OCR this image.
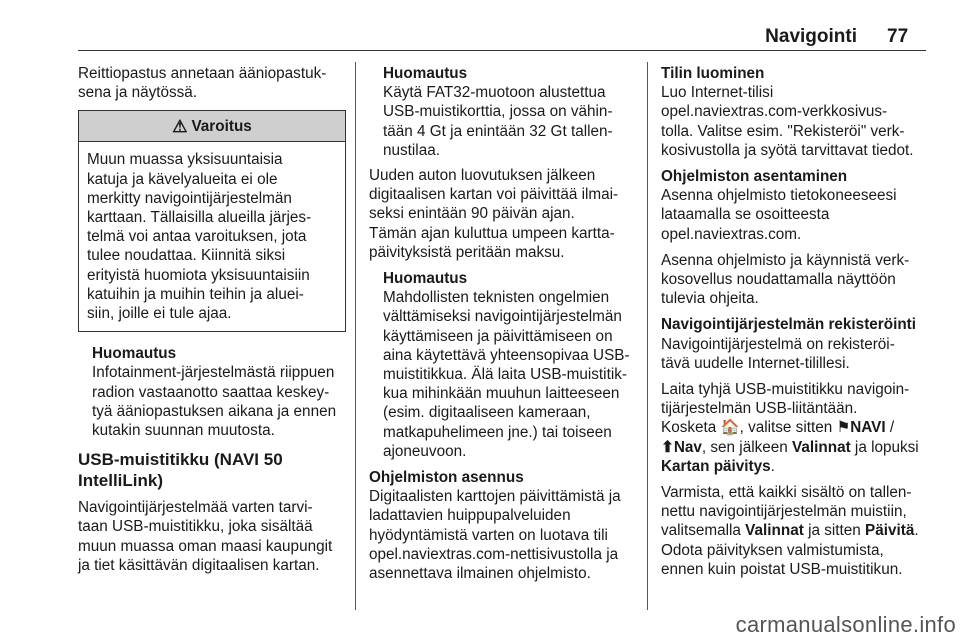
Navigointi 77
Reittiopastus annetaan ääniopastuk-
sena ja näytössä.
⚠ Varoitus
Muun muassa yksisuuntaisia
katuja ja kävelyalueita ei ole
merkitty navigointijärjestelmän
karttaan. Tällaisilla alueilla järjes-
telmä voi antaa varoituksen, jota
tulee noudattaa. Kiinnitä siksi
erityistä huomiota yksisuuntaisiin
katuihin ja muihin teihin ja aluei-
siin, joille ei tule ajaa.
Huomautus
Infotainment-järjestelmästä riippuen
radion vastaanotto saattaa keskey-
tyä ääniopastuksen aikana ja ennen
kutakin suunnan muutosta.
USB-muistitikku (NAVI 50
IntelliLink)
Navigointijärjestelmää varten tarvi-
taan USB-muistitikku, joka sisältää
muun muassa oman maasi kaupungit
ja tiet käsittävän digitaalisen kartan.
Huomautus
Käytä FAT32-muotoon alustettua
USB-muistikorttia, jossa on vähin-
tään 4 Gt ja enintään 32 Gt tallen-
nustilaa.
Uuden auton luovutuksen jälkeen
digitaalisen kartan voi päivittää ilmai-
seksi enintään 90 päivän ajan.
Tämän ajan kuluttua umpeen kartta-
päivityksistä peritään maksu.
Huomautus
Mahdollisten teknisten ongelmien
välttämiseksi navigointijärjestelmän
käyttämiseen ja päivittämiseen on
aina käytettävä yhteensopivaa USB-
muistitikkua. Älä laita USB-muistitik-
kua mihinkään muuhun laitteeseen
(esim. digitaaliseen kameraan,
matkapuhelimeen jne.) tai toiseen
ajoneuvoon.
Ohjelmiston asennus
Digitaalisten karttojen päivittämistä ja
ladattavien huippupalveluiden
hyödyntämistä varten on luotava tili
opel.naviextras.com-nettisivustolla ja
asennettava ilmainen ohjelmisto.
Tilin luominen
Luo Internet-tilisi
opel.naviextras.com-verkkosivus-
tolla. Valitse esim. "Rekisteröi" verk-
kosivustolla ja syötä tarvittavat tiedot.
Ohjelmiston asentaminen
Asenna ohjelmisto tietokoneeseesi
lataamalla se osoitteesta
opel.naviextras.com.
Asenna ohjelmisto ja käynnistä verk-
kosovellus noudattamalla näyttöön
tulevia ohjeita.
Navigointijärjestelmän rekisteröinti
Navigointijärjestelmä on rekisteröi-
tävä uudelle Internet-tilillesi.
Laita tyhjä USB-muistitikku navigoin-
tijärjestelmän USB-liitäntään.
Kosketa 🏠, valitse sitten ⚑NAVI /
⬆Nav, sen jälkeen Valinnat ja lopuksi
Kartan päivitys.
Varmista, että kaikki sisältö on tallen-
nettu navigointijärjestelmän muistiin,
valitsemalla Valinnat ja sitten Päivitä.
Odota päivityksen valmistumista,
ennen kuin poistat USB-muistitikun.
carmanualsonline.info
